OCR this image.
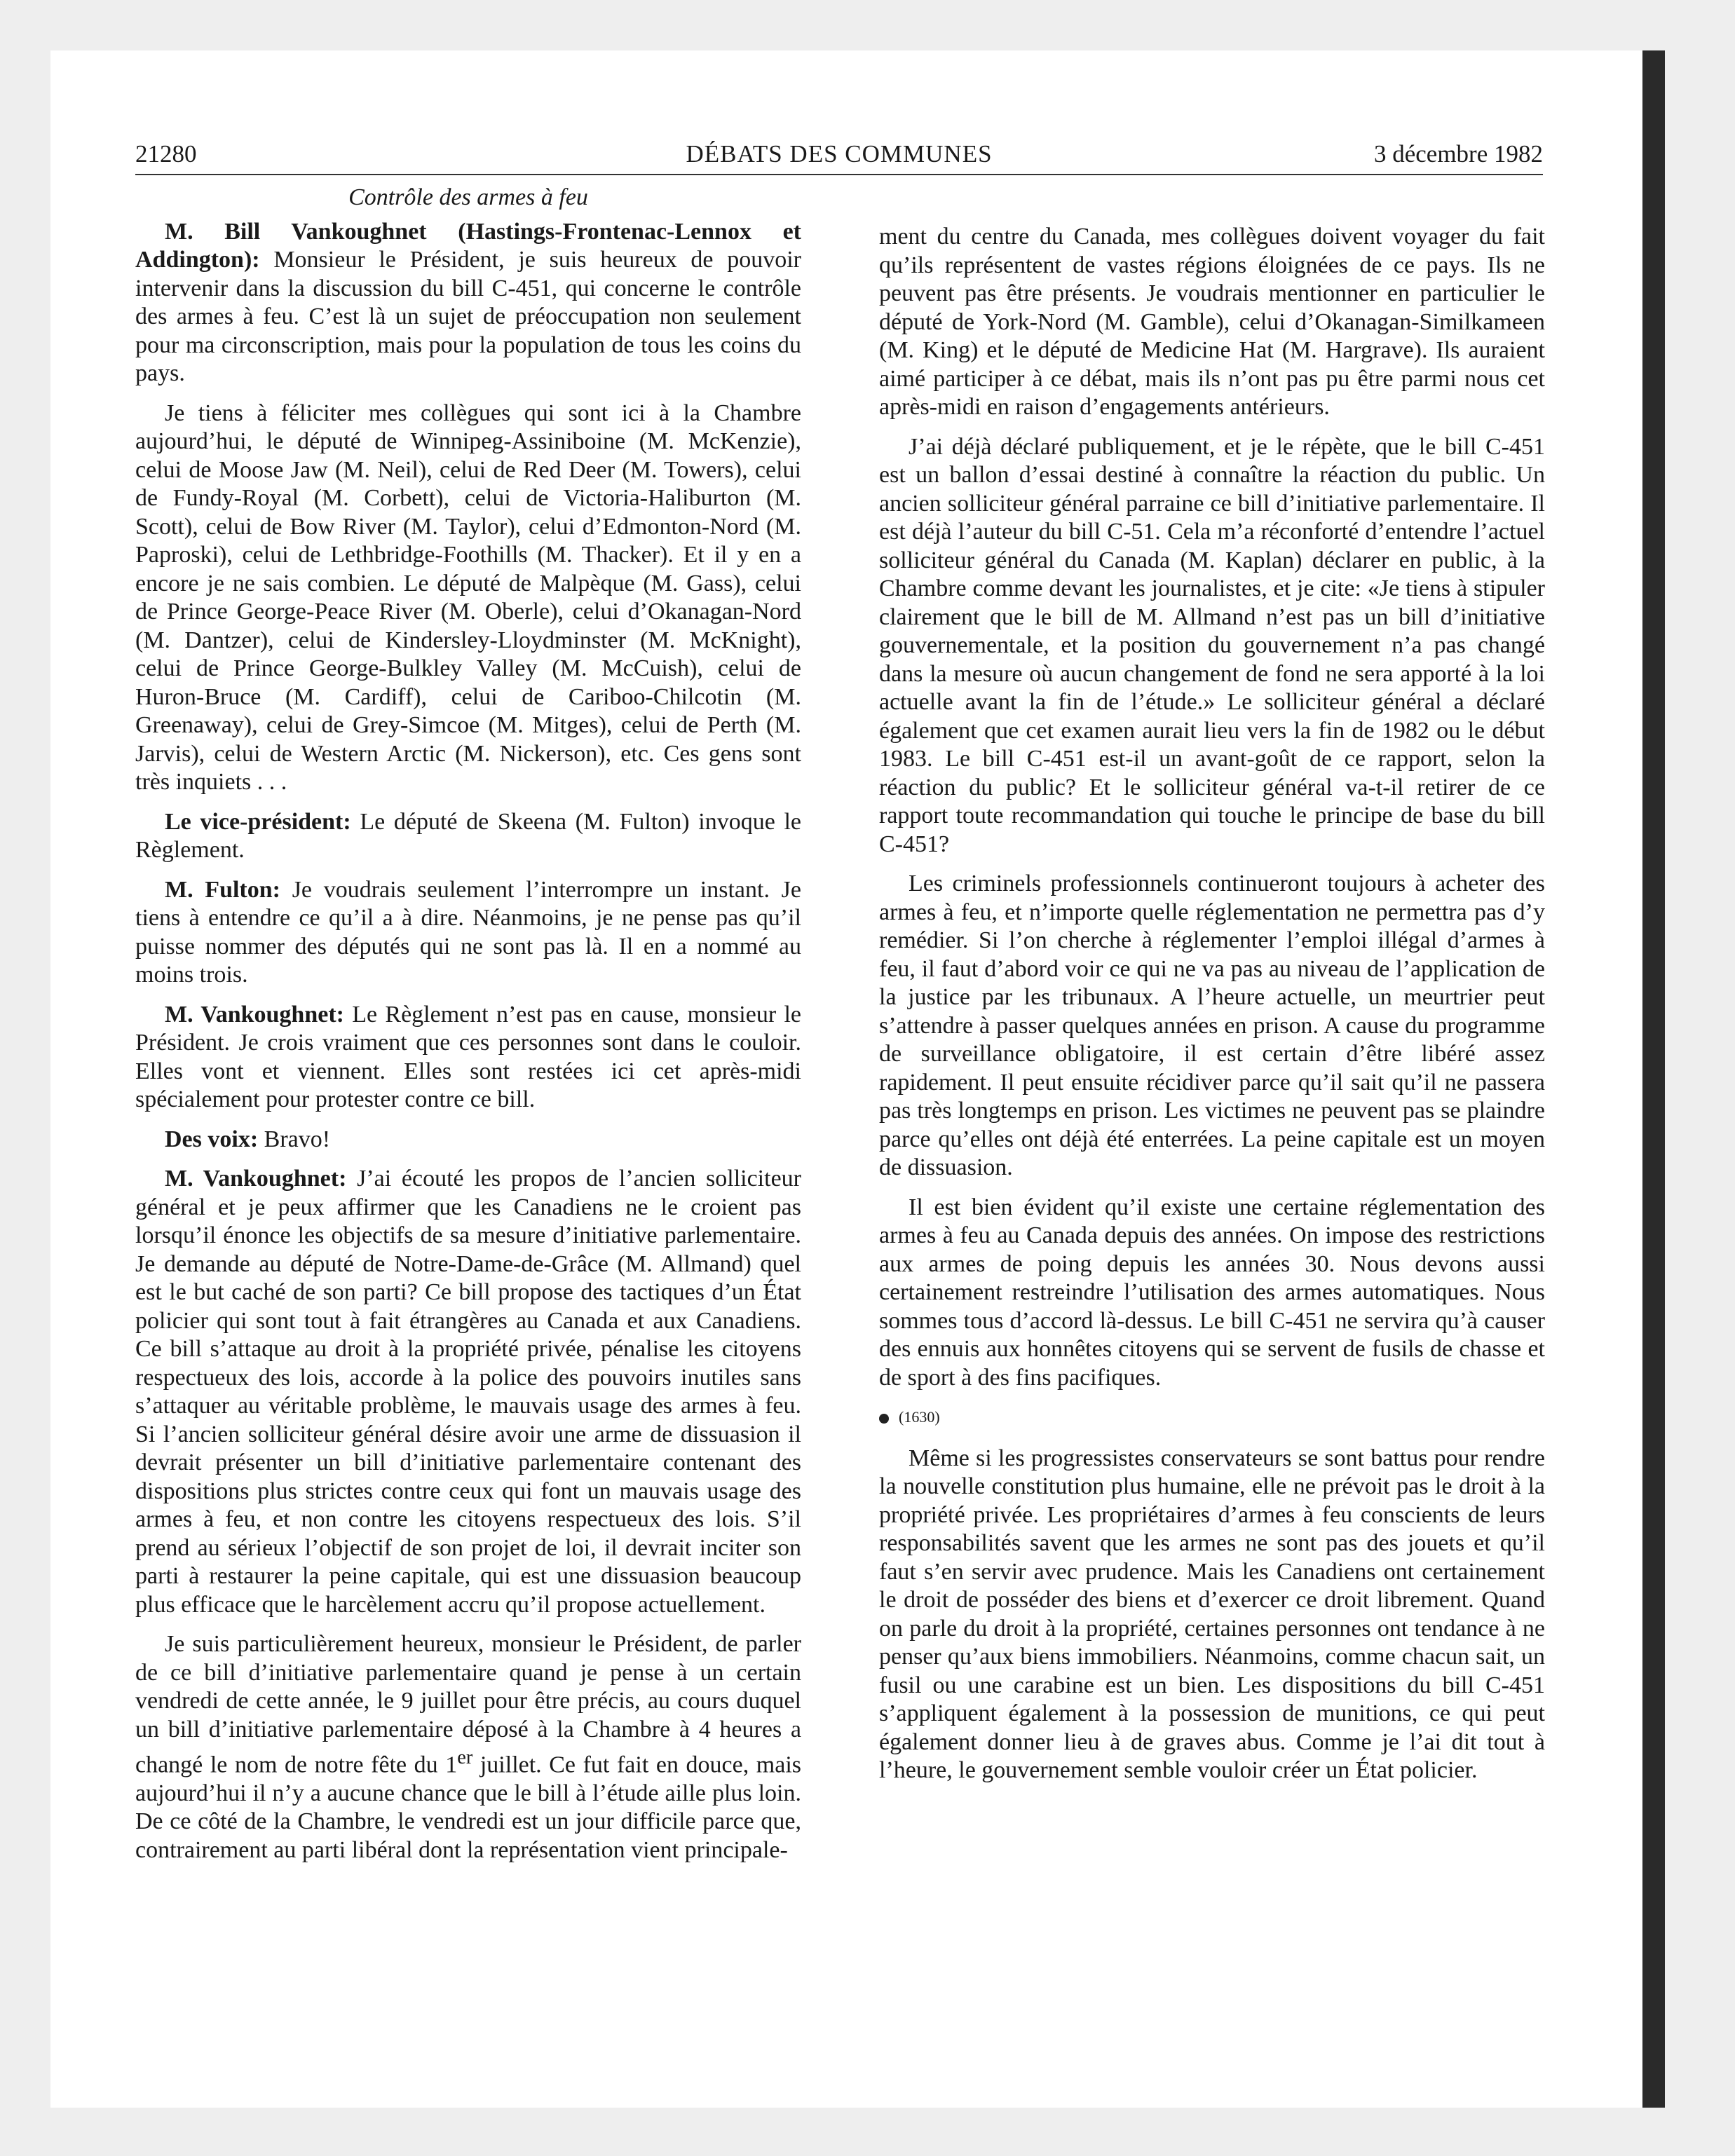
21280	DÉBATS DES COMMUNES	3 décembre 1982

Contrôle des armes à feu

M. Bill Vankoughnet (Hastings-Frontenac-Lennox et Addington): Monsieur le Président, je suis heureux de pouvoir intervenir dans la discussion du bill C-451, qui concerne le contrôle des armes à feu. C’est là un sujet de préoccupation non seulement pour ma circonscription, mais pour la population de tous les coins du pays.

Je tiens à féliciter mes collègues qui sont ici à la Chambre aujourd’hui, le député de Winnipeg-Assiniboine (M. McKenzie), celui de Moose Jaw (M. Neil), celui de Red Deer (M. Towers), celui de Fundy-Royal (M. Corbett), celui de Victoria-Haliburton (M. Scott), celui de Bow River (M. Taylor), celui d’Edmonton-Nord (M. Paproski), celui de Lethbridge-Foothills (M. Thacker). Et il y en a encore je ne sais combien. Le député de Malpèque (M. Gass), celui de Prince George-Peace River (M. Oberle), celui d’Okanagan-Nord (M. Dantzer), celui de Kindersley-Lloydminster (M. McKnight), celui de Prince George-Bulkley Valley (M. McCuish), celui de Huron-Bruce (M. Cardiff), celui de Cariboo-Chilcotin (M. Greenaway), celui de Grey-Simcoe (M. Mitges), celui de Perth (M. Jarvis), celui de Western Arctic (M. Nickerson), etc. Ces gens sont très inquiets . . .

Le vice-président: Le député de Skeena (M. Fulton) invoque le Règlement.

M. Fulton: Je voudrais seulement l’interrompre un instant. Je tiens à entendre ce qu’il a à dire. Néanmoins, je ne pense pas qu’il puisse nommer des députés qui ne sont pas là. Il en a nommé au moins trois.

M. Vankoughnet: Le Règlement n’est pas en cause, monsieur le Président. Je crois vraiment que ces personnes sont dans le couloir. Elles vont et viennent. Elles sont restées ici cet après-midi spécialement pour protester contre ce bill.

Des voix: Bravo!

M. Vankoughnet: J’ai écouté les propos de l’ancien solliciteur général et je peux affirmer que les Canadiens ne le croient pas lorsqu’il énonce les objectifs de sa mesure d’initiative parlementaire. Je demande au député de Notre-Dame-de-Grâce (M. Allmand) quel est le but caché de son parti? Ce bill propose des tactiques d’un État policier qui sont tout à fait étrangères au Canada et aux Canadiens. Ce bill s’attaque au droit à la propriété privée, pénalise les citoyens respectueux des lois, accorde à la police des pouvoirs inutiles sans s’attaquer au véritable problème, le mauvais usage des armes à feu. Si l’ancien solliciteur général désire avoir une arme de dissuasion il devrait présenter un bill d’initiative parlementaire contenant des dispositions plus strictes contre ceux qui font un mauvais usage des armes à feu, et non contre les citoyens respectueux des lois. S’il prend au sérieux l’objectif de son projet de loi, il devrait inciter son parti à restaurer la peine capitale, qui est une dissuasion beaucoup plus efficace que le harcèlement accru qu’il propose actuellement.

Je suis particulièrement heureux, monsieur le Président, de parler de ce bill d’initiative parlementaire quand je pense à un certain vendredi de cette année, le 9 juillet pour être précis, au cours duquel un bill d’initiative parlementaire déposé à la Chambre à 4 heures a changé le nom de notre fête du 1er juillet. Ce fut fait en douce, mais aujourd’hui il n’y a aucune chance que le bill à l’étude aille plus loin. De ce côté de la Chambre, le vendredi est un jour difficile parce que, contrairement au parti libéral dont la représentation vient principale-

ment du centre du Canada, mes collègues doivent voyager du fait qu’ils représentent de vastes régions éloignées de ce pays. Ils ne peuvent pas être présents. Je voudrais mentionner en particulier le député de York-Nord (M. Gamble), celui d’Okanagan-Similkameen (M. King) et le député de Medicine Hat (M. Hargrave). Ils auraient aimé participer à ce débat, mais ils n’ont pas pu être parmi nous cet après-midi en raison d’engagements antérieurs.

J’ai déjà déclaré publiquement, et je le répète, que le bill C-451 est un ballon d’essai destiné à connaître la réaction du public. Un ancien solliciteur général parraine ce bill d’initiative parlementaire. Il est déjà l’auteur du bill C-51. Cela m’a réconforté d’entendre l’actuel solliciteur général du Canada (M. Kaplan) déclarer en public, à la Chambre comme devant les journalistes, et je cite: «Je tiens à stipuler clairement que le bill de M. Allmand n’est pas un bill d’initiative gouvernementale, et la position du gouvernement n’a pas changé dans la mesure où aucun changement de fond ne sera apporté à la loi actuelle avant la fin de l’étude.» Le solliciteur général a déclaré également que cet examen aurait lieu vers la fin de 1982 ou le début 1983. Le bill C-451 est-il un avant-goût de ce rapport, selon la réaction du public? Et le solliciteur général va-t-il retirer de ce rapport toute recommandation qui touche le principe de base du bill C-451?

Les criminels professionnels continueront toujours à acheter des armes à feu, et n’importe quelle réglementation ne permettra pas d’y remédier. Si l’on cherche à réglementer l’emploi illégal d’armes à feu, il faut d’abord voir ce qui ne va pas au niveau de l’application de la justice par les tribunaux. A l’heure actuelle, un meurtrier peut s’attendre à passer quelques années en prison. A cause du programme de surveillance obligatoire, il est certain d’être libéré assez rapidement. Il peut ensuite récidiver parce qu’il sait qu’il ne passera pas très longtemps en prison. Les victimes ne peuvent pas se plaindre parce qu’elles ont déjà été enterrées. La peine capitale est un moyen de dissuasion.

Il est bien évident qu’il existe une certaine réglementation des armes à feu au Canada depuis des années. On impose des restrictions aux armes de poing depuis les années 30. Nous devons aussi certainement restreindre l’utilisation des armes automatiques. Nous sommes tous d’accord là-dessus. Le bill C-451 ne servira qu’à causer des ennuis aux honnêtes citoyens qui se servent de fusils de chasse et de sport à des fins pacifiques.

(1630)

Même si les progressistes conservateurs se sont battus pour rendre la nouvelle constitution plus humaine, elle ne prévoit pas le droit à la propriété privée. Les propriétaires d’armes à feu conscients de leurs responsabilités savent que les armes ne sont pas des jouets et qu’il faut s’en servir avec prudence. Mais les Canadiens ont certainement le droit de posséder des biens et d’exercer ce droit librement. Quand on parle du droit à la propriété, certaines personnes ont tendance à ne penser qu’aux biens immobiliers. Néanmoins, comme chacun sait, un fusil ou une carabine est un bien. Les dispositions du bill C-451 s’appliquent également à la possession de munitions, ce qui peut également donner lieu à de graves abus. Comme je l’ai dit tout à l’heure, le gouvernement semble vouloir créer un État policier.
